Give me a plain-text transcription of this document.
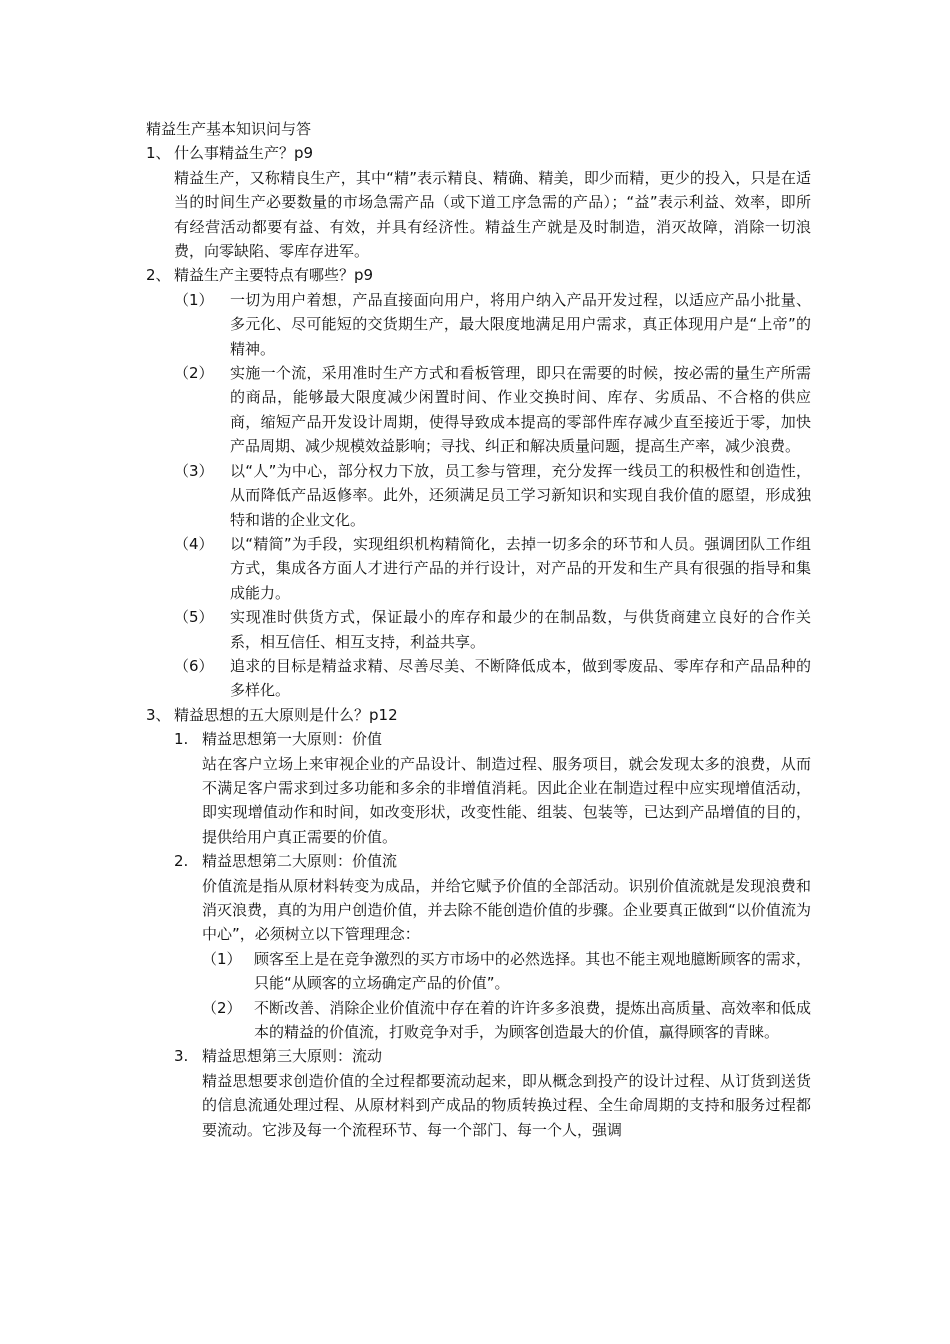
精益生产基本知识问与答
1、 什么事精益生产？p9
精益生产，又称精良生产，其中“精”表示精良、精确、精美，即少而精，更少的投入，只是在适当的时间生产必要数量的市场急需产品（或下道工序急需的产品）；“益”表示利益、效率，即所有经营活动都要有益、有效，并具有经济性。精益生产就是及时制造，消灭故障，消除一切浪费，向零缺陷、零库存进军。
2、 精益生产主要特点有哪些？p9
（1）	一切为用户着想，产品直接面向用户，将用户纳入产品开发过程，以适应产品小批量、多元化、尽可能短的交货期生产，最大限度地满足用户需求，真正体现用户是“上帝”的精神。
（2）	实施一个流，采用准时生产方式和看板管理，即只在需要的时候，按必需的量生产所需的商品，能够最大限度减少闲置时间、作业交换时间、库存、劣质品、不合格的供应商，缩短产品开发设计周期，使得导致成本提高的零部件库存减少直至接近于零，加快产品周期、减少规模效益影响；寻找、纠正和解决质量问题，提高生产率，减少浪费。
（3）	以“人”为中心，部分权力下放，员工参与管理，充分发挥一线员工的积极性和创造性，从而降低产品返修率。此外，还须满足员工学习新知识和实现自我价值的愿望，形成独特和谐的企业文化。
（4）	以“精简”为手段，实现组织机构精简化，去掉一切多余的环节和人员。强调团队工作组方式，集成各方面人才进行产品的并行设计，对产品的开发和生产具有很强的指导和集成能力。
（5）	实现准时供货方式，保证最小的库存和最少的在制品数，与供货商建立良好的合作关系，相互信任、相互支持，利益共享。
（6）	追求的目标是精益求精、尽善尽美、不断降低成本，做到零废品、零库存和产品品种的多样化。
3、 精益思想的五大原则是什么？p12
1. 精益思想第一大原则：价值
站在客户立场上来审视企业的产品设计、制造过程、服务项目，就会发现太多的浪费，从而不满足客户需求到过多功能和多余的非增值消耗。因此企业在制造过程中应实现增值活动，即实现增值动作和时间，如改变形状，改变性能、组装、包装等，已达到产品增值的目的，提供给用户真正需要的价值。
2. 精益思想第二大原则：价值流
价值流是指从原材料转变为成品，并给它赋予价值的全部活动。识别价值流就是发现浪费和消灭浪费，真的为用户创造价值，并去除不能创造价值的步骤。企业要真正做到“以价值流为中心”，必须树立以下管理理念：
（1） 顾客至上是在竞争激烈的买方市场中的必然选择。其也不能主观地臆断顾客的需求，只能“从顾客的立场确定产品的价值”。
（2） 不断改善、消除企业价值流中存在着的许许多多浪费，提炼出高质量、高效率和低成本的精益的价值流，打败竞争对手，为顾客创造最大的价值，赢得顾客的青睐。
3. 精益思想第三大原则：流动
精益思想要求创造价值的全过程都要流动起来，即从概念到投产的设计过程、从订货到送货的信息流通处理过程、从原材料到产成品的物质转换过程、全生命周期的支持和服务过程都要流动。它涉及每一个流程环节、每一个部门、每一个人，强调
